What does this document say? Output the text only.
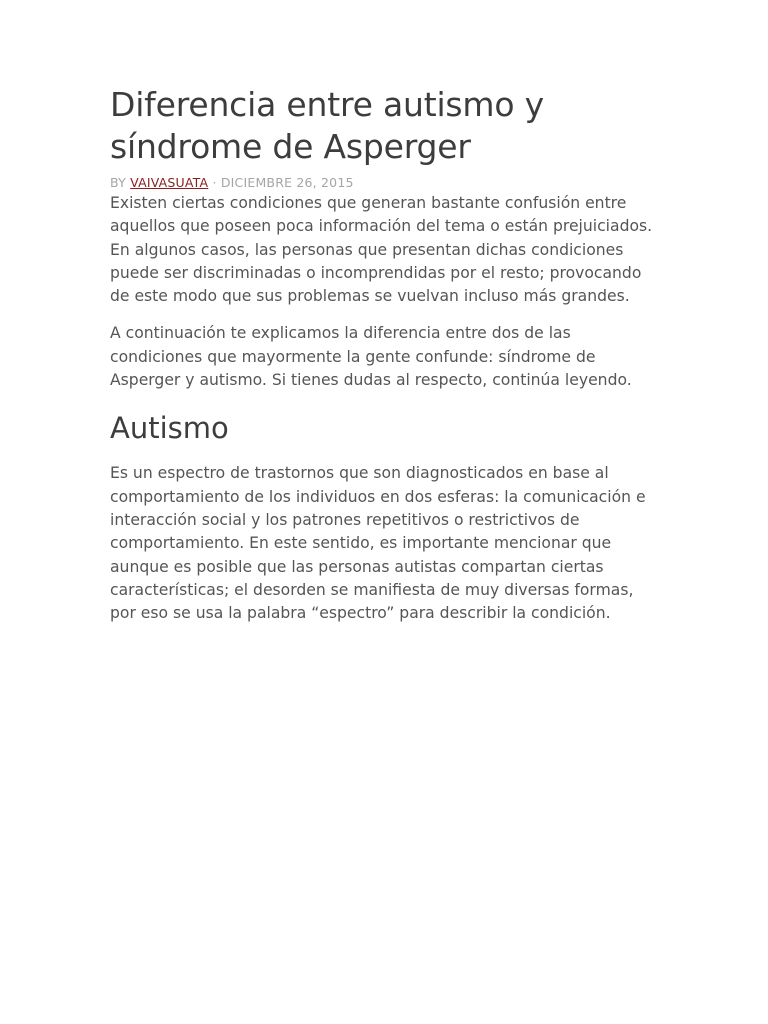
Diferencia entre autismo y síndrome de Asperger
BY VAIVASUATA · DICIEMBRE 26, 2015

Existen ciertas condiciones que generan bastante confusión entre aquellos que poseen poca información del tema o están prejuiciados. En algunos casos, las personas que presentan dichas condiciones puede ser discriminadas o incomprendidas por el resto; provocando de este modo que sus problemas se vuelvan incluso más grandes.

A continuación te explicamos la diferencia entre dos de las condiciones que mayormente la gente confunde: síndrome de Asperger y autismo. Si tienes dudas al respecto, continúa leyendo.

Autismo

Es un espectro de trastornos que son diagnosticados en base al comportamiento de los individuos en dos esferas: la comunicación e interacción social y los patrones repetitivos o restrictivos de comportamiento. En este sentido, es importante mencionar que aunque es posible que las personas autistas compartan ciertas características; el desorden se manifiesta de muy diversas formas, por eso se usa la palabra “espectro” para describir la condición.
